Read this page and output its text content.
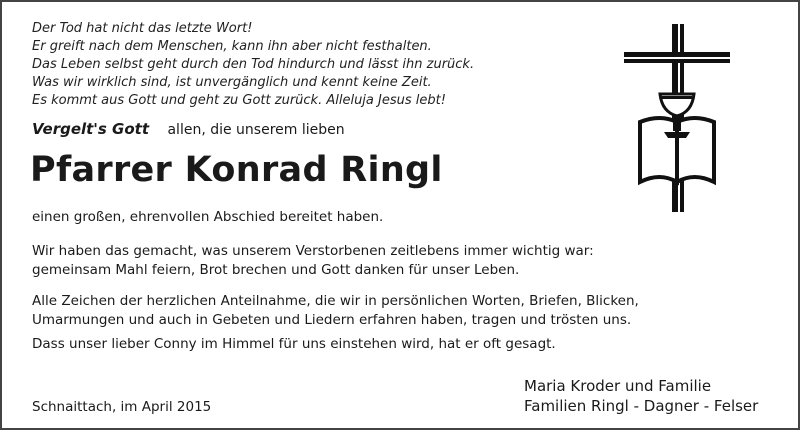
Der Tod hat nicht das letzte Wort!
Er greift nach dem Menschen, kann ihn aber nicht festhalten.
Das Leben selbst geht durch den Tod hindurch und lässt ihn zurück.
Was wir wirklich sind, ist unvergänglich und kennt keine Zeit.
Es kommt aus Gott und geht zu Gott zurück. Alleluja Jesus lebt!
Vergelt's Gott allen, die unserem lieben
Pfarrer Konrad Ringl
einen großen, ehrenvollen Abschied bereitet haben.
Wir haben das gemacht, was unserem Verstorbenen zeitlebens immer wichtig war:
gemeinsam Mahl feiern, Brot brechen und Gott danken für unser Leben.
Alle Zeichen der herzlichen Anteilnahme, die wir in persönlichen Worten, Briefen, Blicken,
Umarmungen und auch in Gebeten und Liedern erfahren haben, tragen und trösten uns.
Dass unser lieber Conny im Himmel für uns einstehen wird, hat er oft gesagt.
Schnaittach, im April 2015
Maria Kroder und Familie
Familien Ringl - Dagner - Felser
